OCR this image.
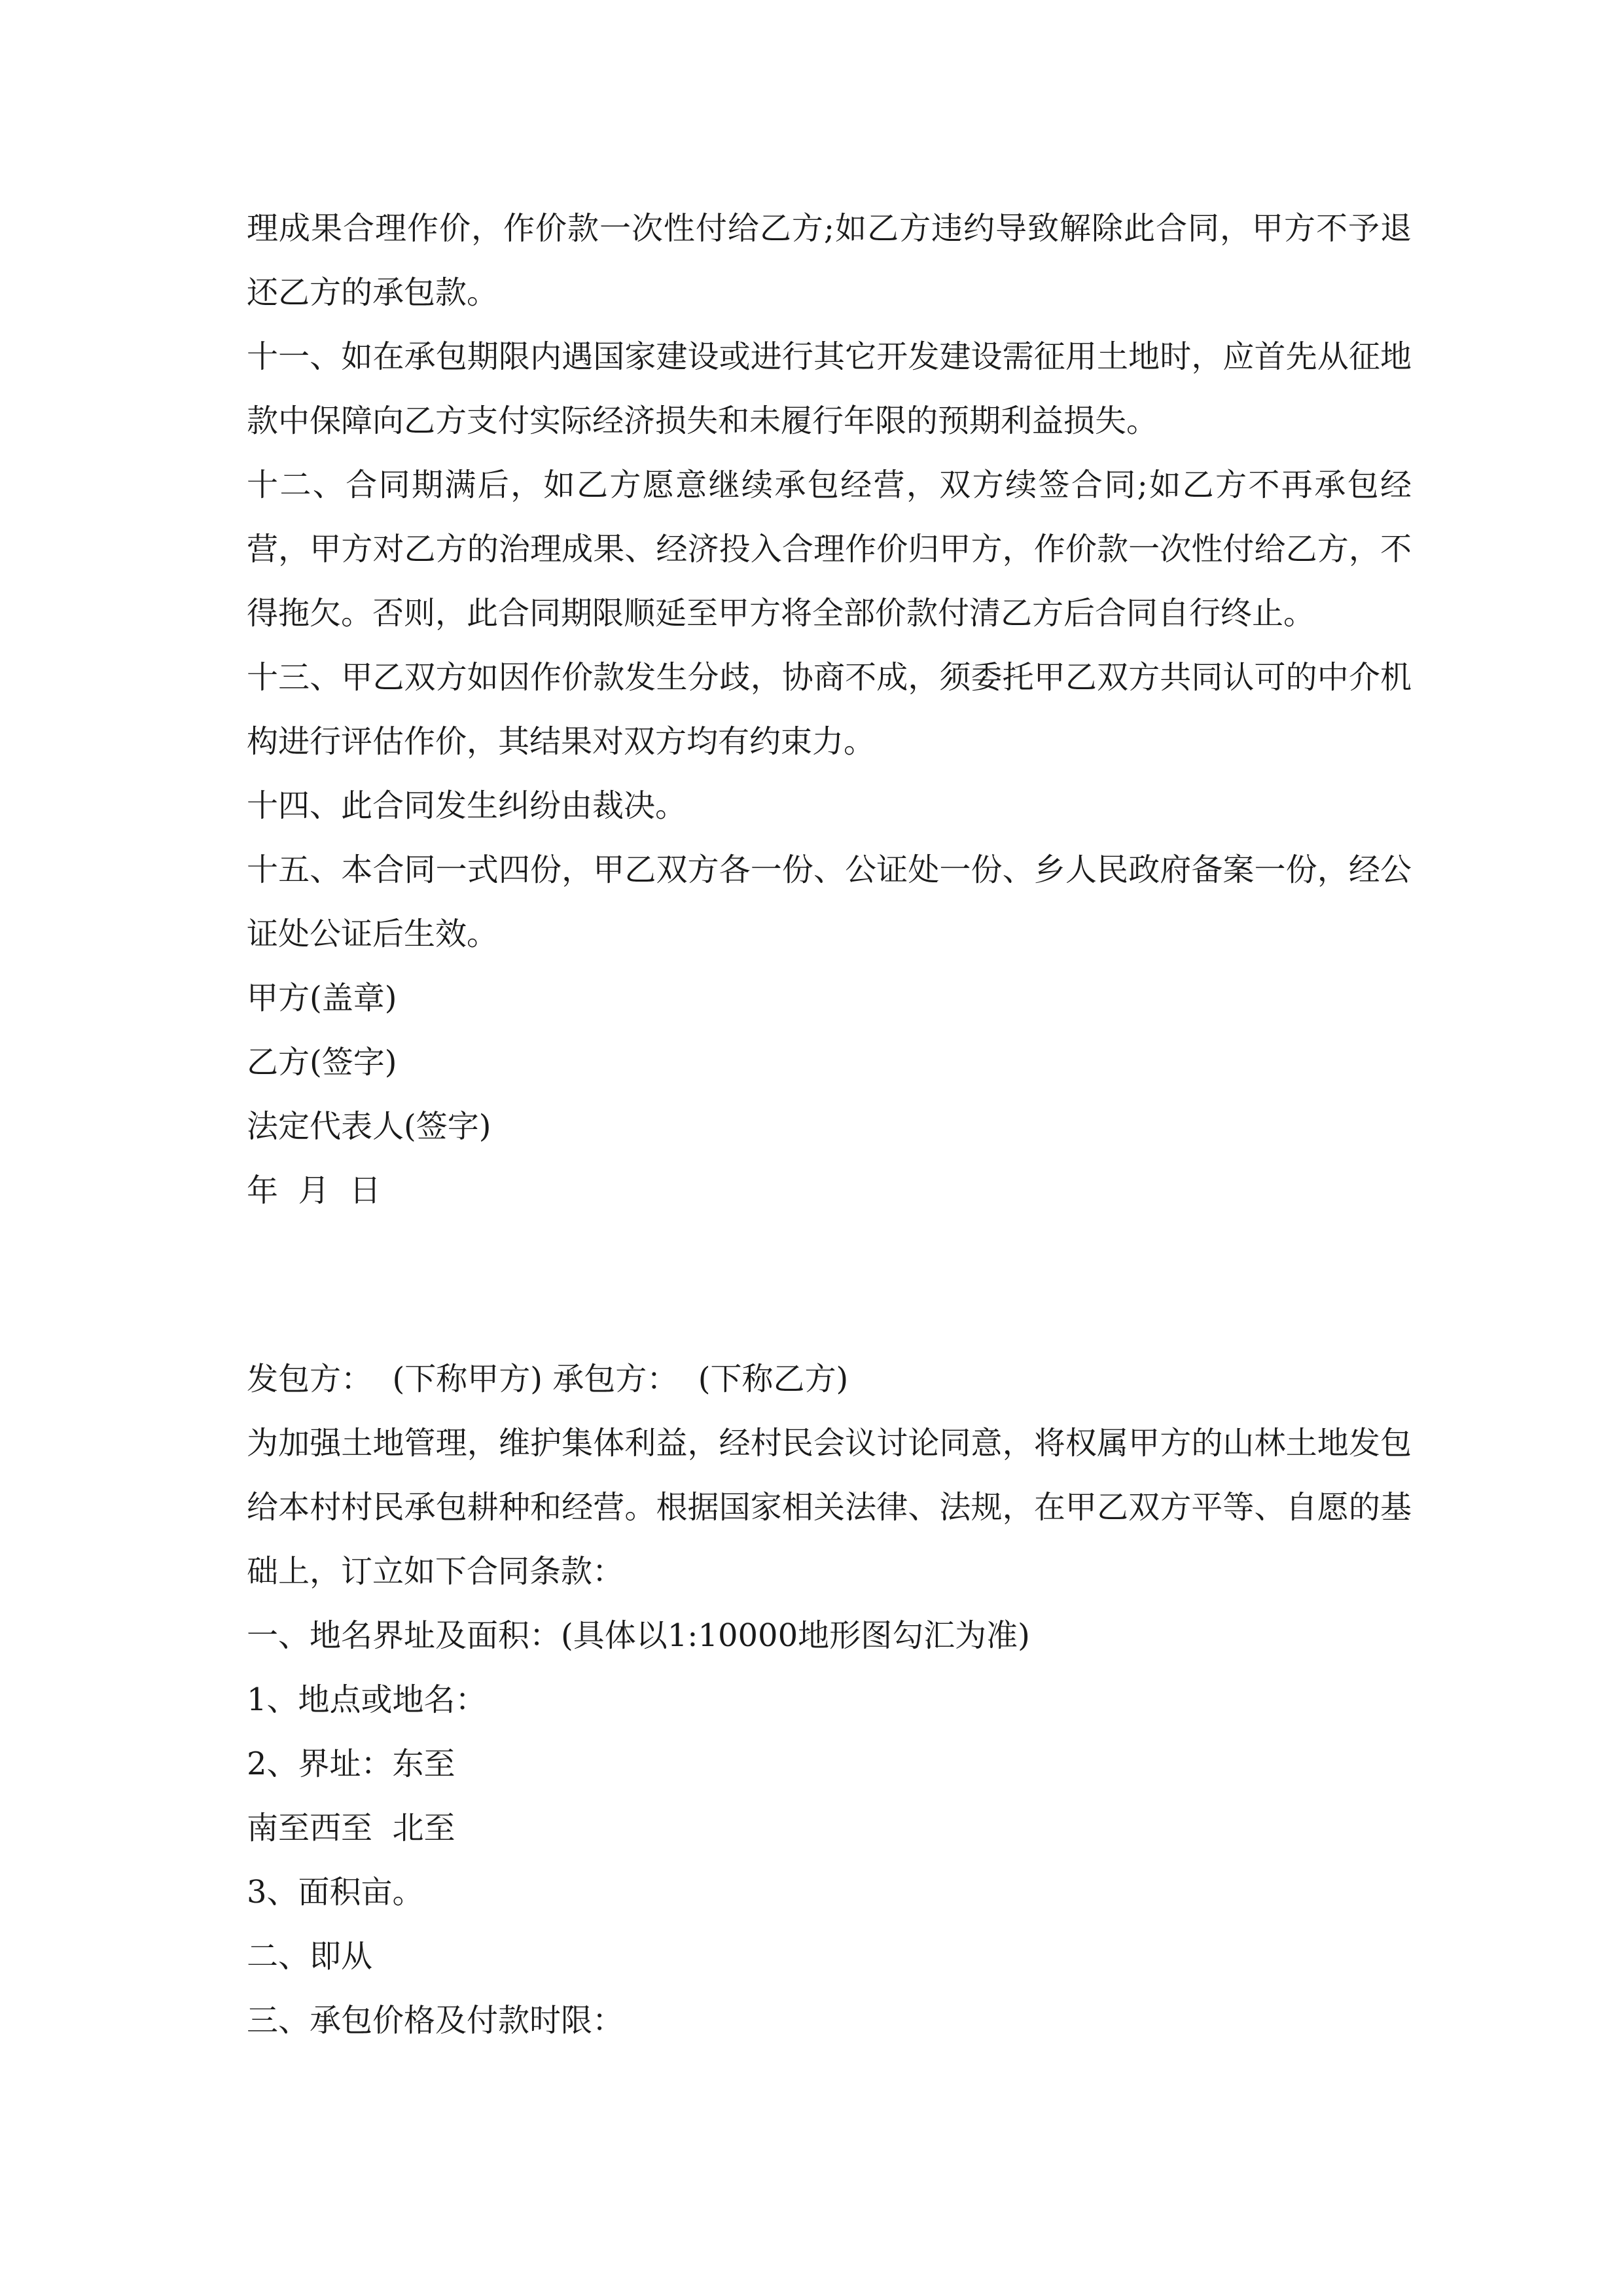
理成果合理作价，作价款一次性付给乙方;如乙方违约导致解除此合同，甲方不予退还乙方的承包款。

十一、如在承包期限内遇国家建设或进行其它开发建设需征用土地时，应首先从征地款中保障向乙方支付实际经济损失和未履行年限的预期利益损失。

十二、合同期满后，如乙方愿意继续承包经营，双方续签合同;如乙方不再承包经营，甲方对乙方的治理成果、经济投入合理作价归甲方，作价款一次性付给乙方，不得拖欠。否则，此合同期限顺延至甲方将全部价款付清乙方后合同自行终止。

十三、甲乙双方如因作价款发生分歧，协商不成，须委托甲乙双方共同认可的中介机构进行评估作价，其结果对双方均有约束力。

十四、此合同发生纠纷由裁决。

十五、本合同一式四份，甲乙双方各一份、公证处一份、乡人民政府备案一份，经公证处公证后生效。

甲方(盖章)

乙方(签字)

法定代表人(签字)

年  月  日

发包方：  (下称甲方) 承包方：  (下称乙方)

为加强土地管理，维护集体利益，经村民会议讨论同意，将权属甲方的山林土地发包给本村村民承包耕种和经营。根据国家相关法律、法规，在甲乙双方平等、自愿的基础上，订立如下合同条款：

一、地名界址及面积：(具体以1:10000地形图勾汇为准)

1、地点或地名：

2、界址：东至

南至西至  北至

3、面积亩。

二、即从

三、承包价格及付款时限：
